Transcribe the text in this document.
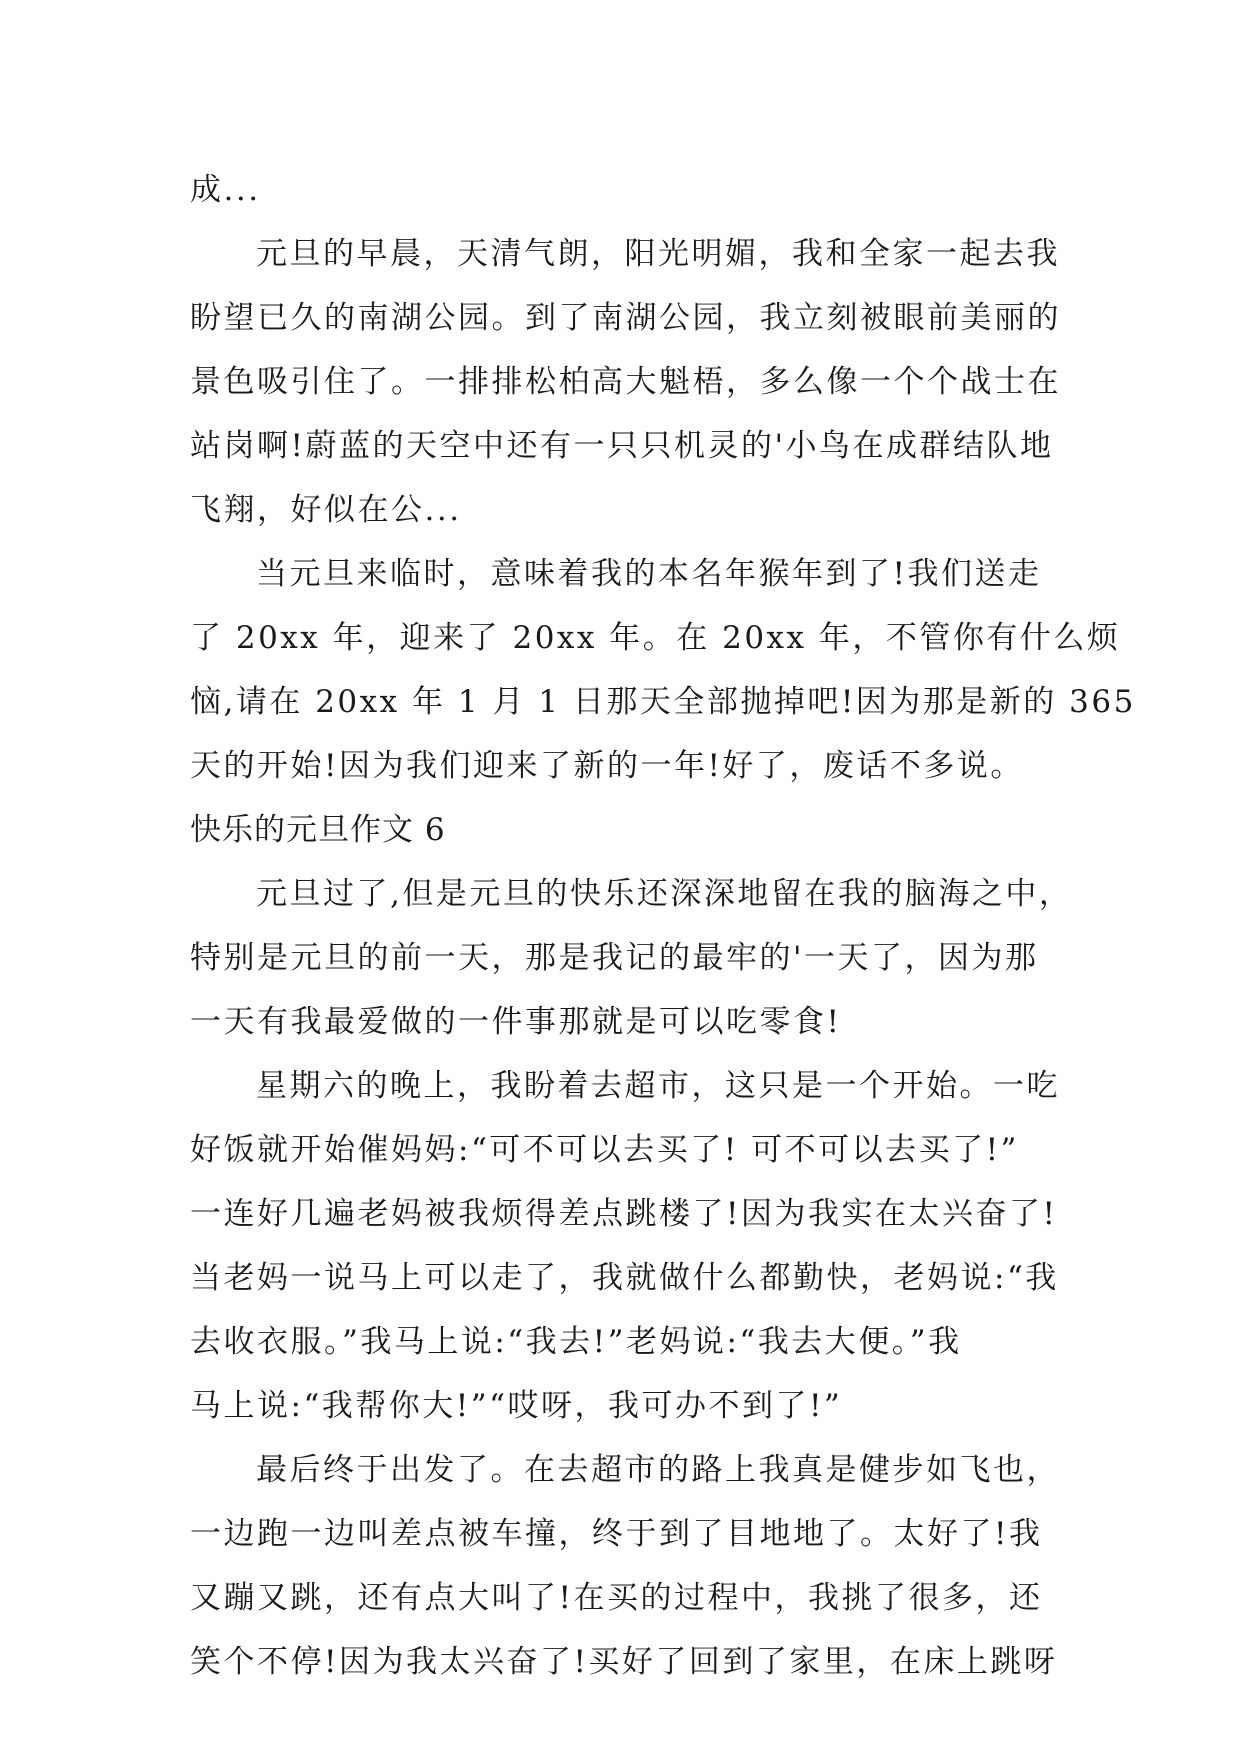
成...
元旦的早晨，天清气朗，阳光明媚，我和全家一起去我
盼望已久的南湖公园。到了南湖公园，我立刻被眼前美丽的
景色吸引住了。一排排松柏高大魁梧，多么像一个个战士在
站岗啊!蔚蓝的天空中还有一只只机灵的'小鸟在成群结队地
飞翔，好似在公...
当元旦来临时，意味着我的本名年猴年到了!我们送走
了 20xx 年，迎来了 20xx 年。在 20xx 年，不管你有什么烦
恼,请在 20xx 年 1 月 1 日那天全部抛掉吧!因为那是新的 365
天的开始!因为我们迎来了新的一年!好了，废话不多说。
快乐的元旦作文 6
元旦过了,但是元旦的快乐还深深地留在我的脑海之中，
特别是元旦的前一天，那是我记的最牢的'一天了，因为那
一天有我最爱做的一件事那就是可以吃零食!
星期六的晚上，我盼着去超市，这只是一个开始。一吃
好饭就开始催妈妈:“可不可以去买了! 可不可以去买了!”
一连好几遍老妈被我烦得差点跳楼了!因为我实在太兴奋了!
当老妈一说马上可以走了，我就做什么都勤快，老妈说:“我
去收衣服。”我马上说:“我去!”老妈说:“我去大便。”我
马上说:“我帮你大!”“哎呀，我可办不到了!”
最后终于出发了。在去超市的路上我真是健步如飞也，
一边跑一边叫差点被车撞，终于到了目地地了。太好了!我
又蹦又跳，还有点大叫了!在买的过程中，我挑了很多，还
笑个不停!因为我太兴奋了!买好了回到了家里，在床上跳呀
